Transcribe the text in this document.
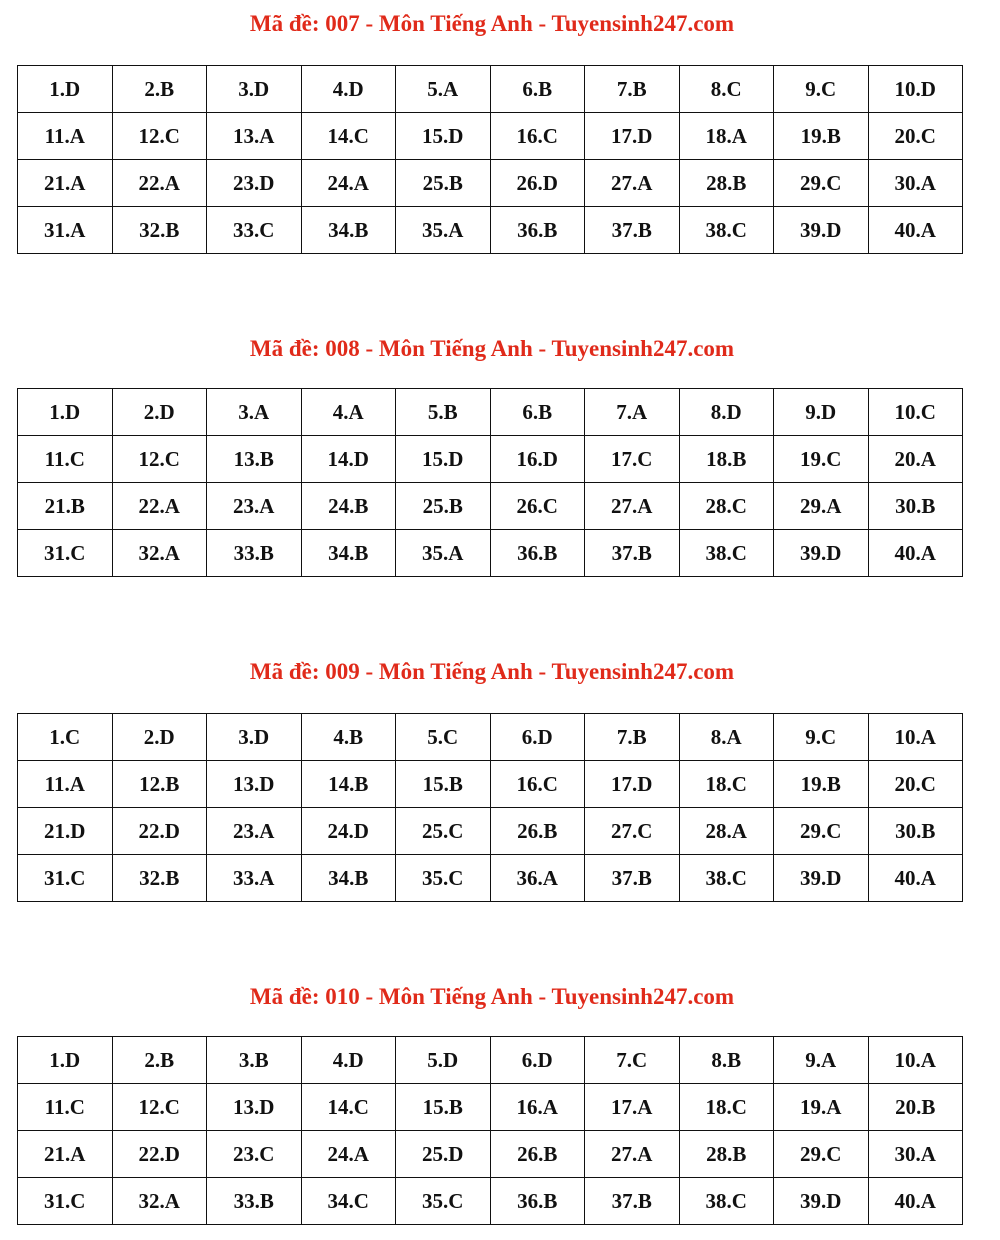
Mã đề: 007 - Môn Tiếng Anh - Tuyensinh247.com
1.D	2.B	3.D	4.D	5.A	6.B	7.B	8.C	9.C	10.D
11.A	12.C	13.A	14.C	15.D	16.C	17.D	18.A	19.B	20.C
21.A	22.A	23.D	24.A	25.B	26.D	27.A	28.B	29.C	30.A
31.A	32.B	33.C	34.B	35.A	36.B	37.B	38.C	39.D	40.A
Mã đề: 008 - Môn Tiếng Anh - Tuyensinh247.com
1.D	2.D	3.A	4.A	5.B	6.B	7.A	8.D	9.D	10.C
11.C	12.C	13.B	14.D	15.D	16.D	17.C	18.B	19.C	20.A
21.B	22.A	23.A	24.B	25.B	26.C	27.A	28.C	29.A	30.B
31.C	32.A	33.B	34.B	35.A	36.B	37.B	38.C	39.D	40.A
Mã đề: 009 - Môn Tiếng Anh - Tuyensinh247.com
1.C	2.D	3.D	4.B	5.C	6.D	7.B	8.A	9.C	10.A
11.A	12.B	13.D	14.B	15.B	16.C	17.D	18.C	19.B	20.C
21.D	22.D	23.A	24.D	25.C	26.B	27.C	28.A	29.C	30.B
31.C	32.B	33.A	34.B	35.C	36.A	37.B	38.C	39.D	40.A
Mã đề: 010 - Môn Tiếng Anh - Tuyensinh247.com
1.D	2.B	3.B	4.D	5.D	6.D	7.C	8.B	9.A	10.A
11.C	12.C	13.D	14.C	15.B	16.A	17.A	18.C	19.A	20.B
21.A	22.D	23.C	24.A	25.D	26.B	27.A	28.B	29.C	30.A
31.C	32.A	33.B	34.C	35.C	36.B	37.B	38.C	39.D	40.A
